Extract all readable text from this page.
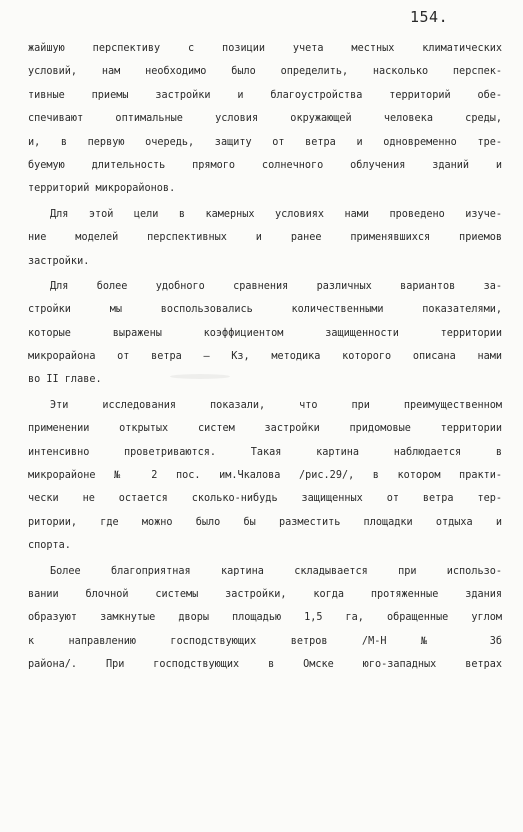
154.
жайшую перспективу с позиции учета местных климатических
условий, нам необходимо было определить, насколько перспек-
тивные приемы застройки и благоустройства территорий обе-
спечивают оптимальные условия окружающей человека среды,
и, в первую очередь, защиту от ветра и одновременно тре-
буемую длительность прямого солнечного облучения зданий и
территорий микрорайонов.
Для этой цели в камерных условиях нами проведено изуче-
ние моделей перспективных и ранее применявшихся приемов
застройки.
Для более удобного сравнения различных вариантов за-
стройки мы воспользовались количественными показателями,
которые выражены коэффициентом защищенности территории
микрорайона от ветра – Kз, методика которого описана нами
во II главе.
Эти исследования показали, что при преимущественном
применении открытых систем застройки придомовые территории
интенсивно проветриваются. Такая картина наблюдается в
микрорайоне № 2 пос. им.Чкалова /рис.29/, в котором практи-
чески не остается сколько-нибудь защищенных от ветра тер-
ритории, где можно было бы разместить площадки отдыха и
спорта.
Более благоприятная картина складывается при использо-
вании блочной системы застройки, когда протяженные здания
образуют замкнутые дворы площадью 1,5 га, обращенные углом
к направлению господствующих ветров /М-Н № 3б
района/. При господствующих в Омске юго-западных ветрах
